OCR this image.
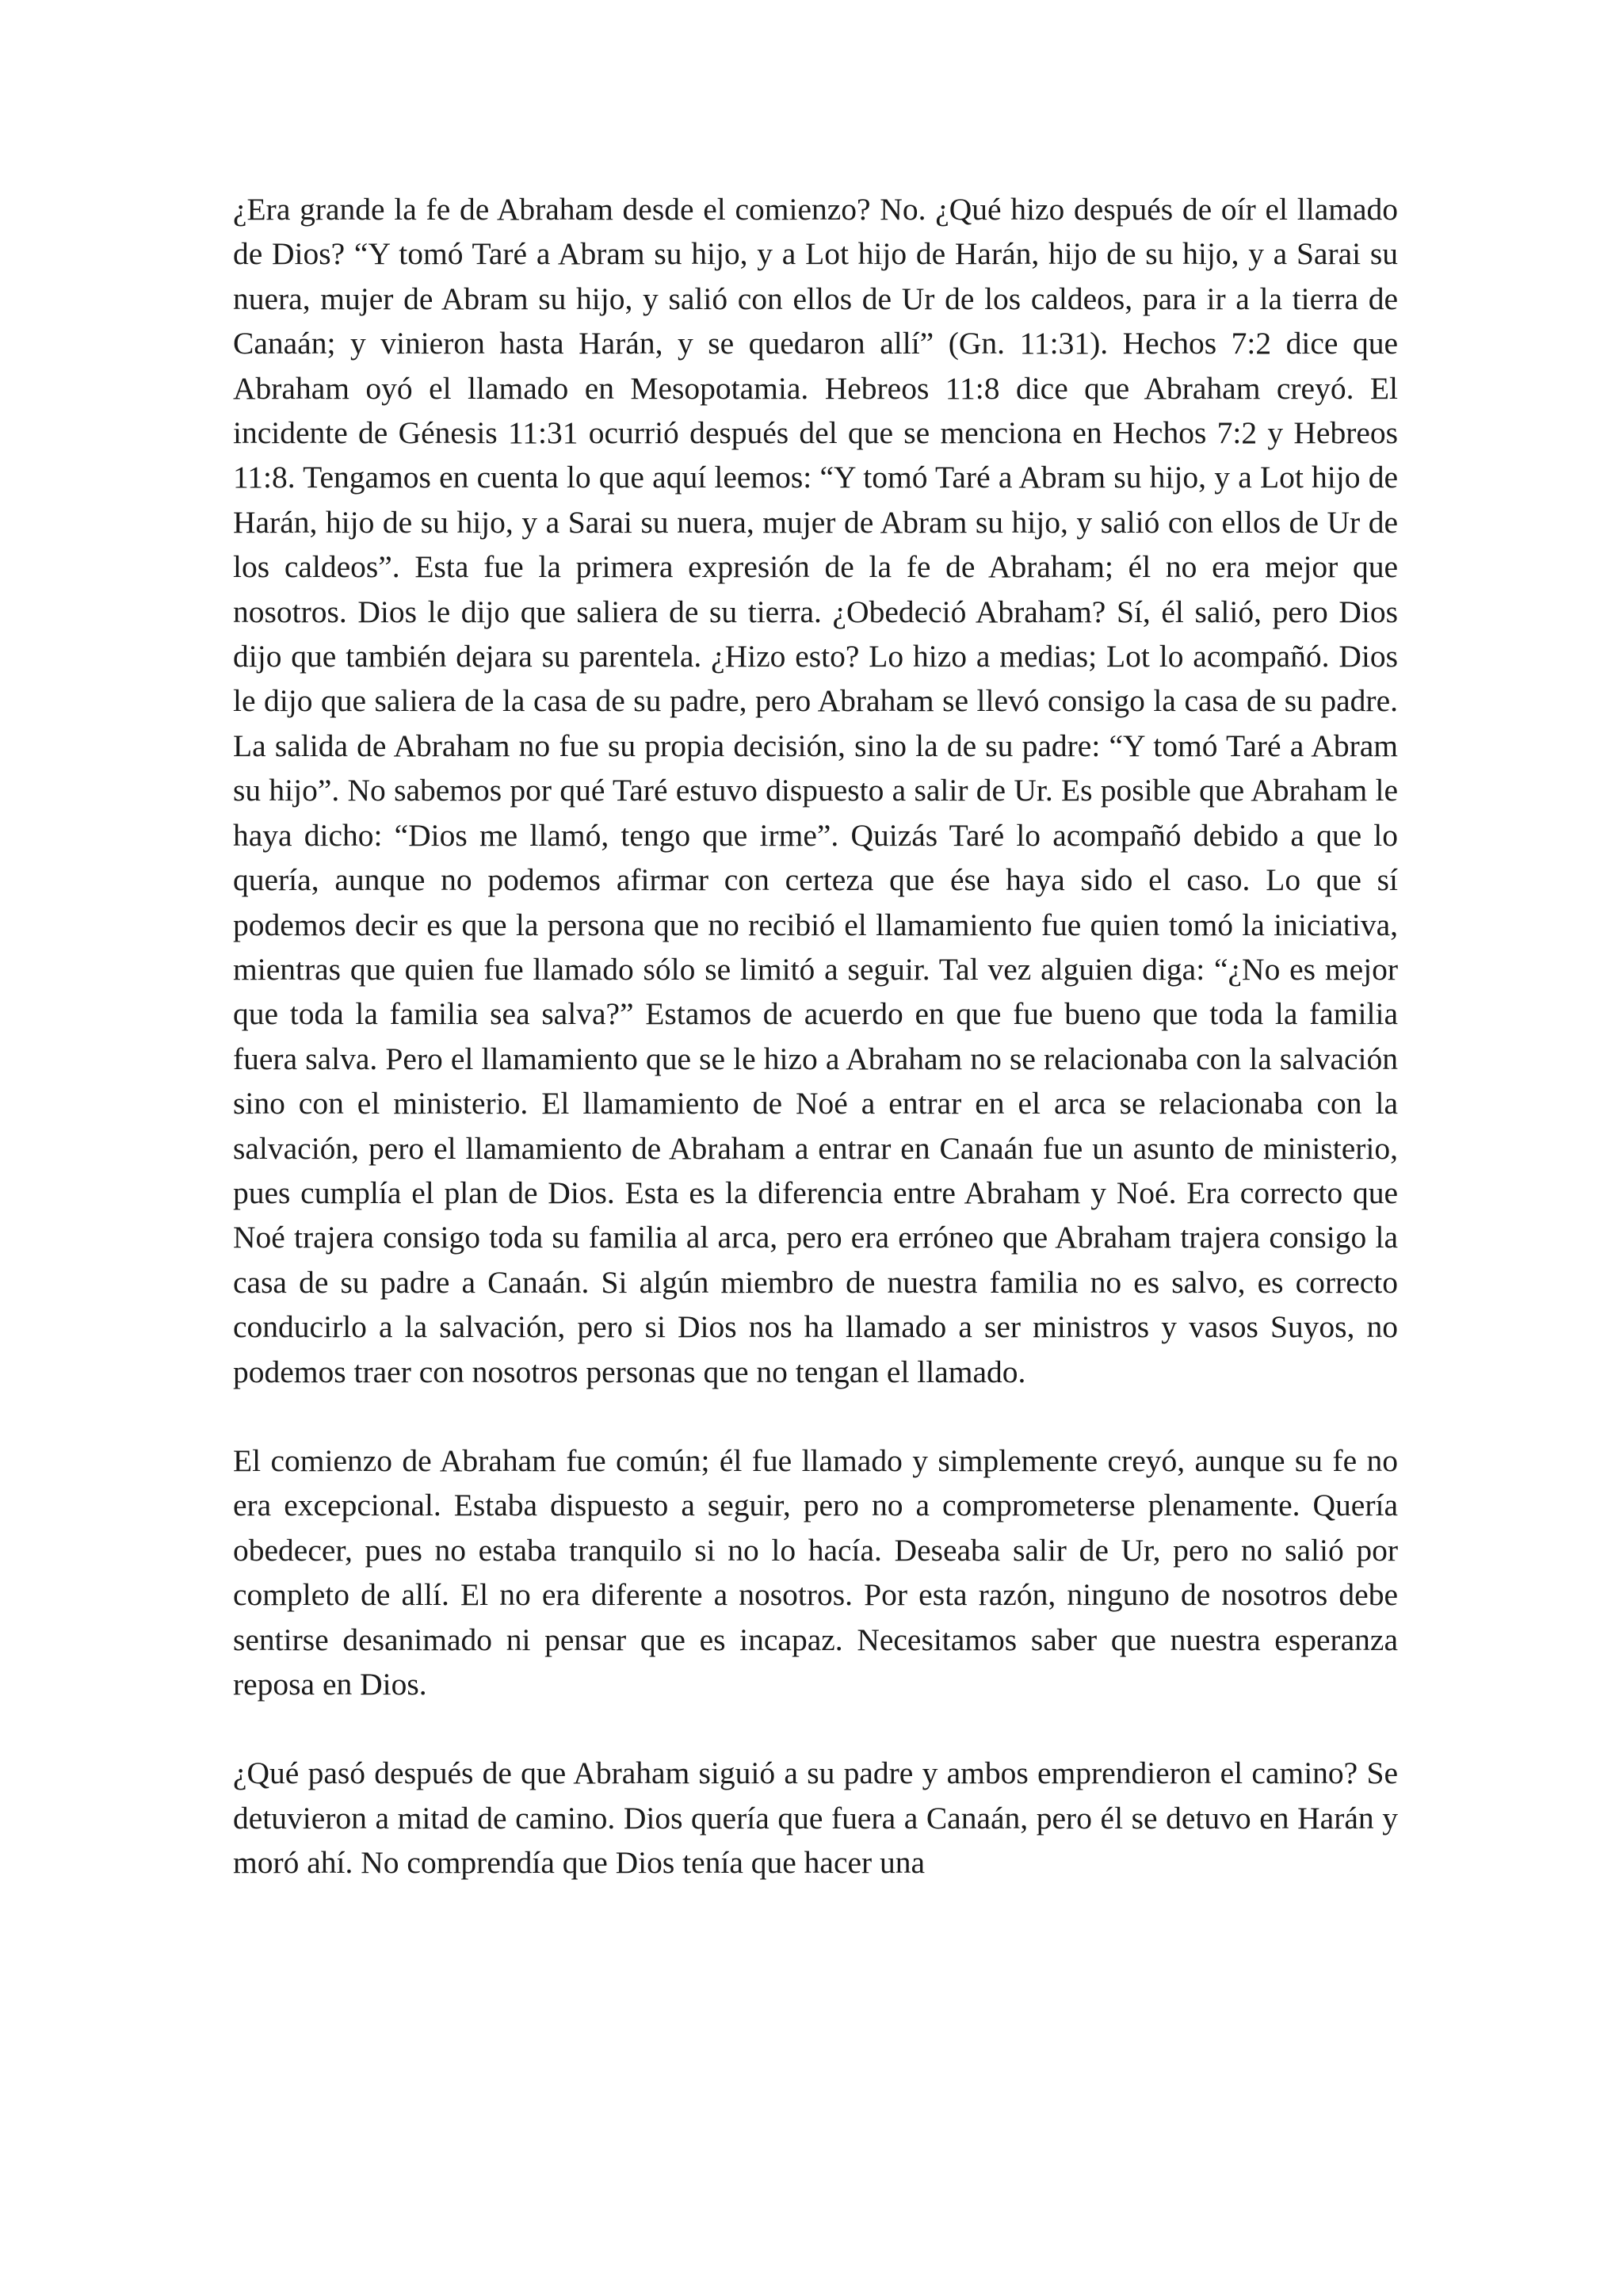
¿Era grande la fe de Abraham desde el comienzo? No. ¿Qué hizo después de oír el llamado de Dios? “Y tomó Taré a Abram su hijo, y a Lot hijo de Harán, hijo de su hijo, y a Sarai su nuera, mujer de Abram su hijo, y salió con ellos de Ur de los caldeos, para ir a la tierra de Canaán; y vinieron hasta Harán, y se quedaron allí” (Gn. 11:31). Hechos 7:2 dice que Abraham oyó el llamado en Mesopotamia. Hebreos 11:8 dice que Abraham creyó. El incidente de Génesis 11:31 ocurrió después del que se menciona en Hechos 7:2 y Hebreos 11:8. Tengamos en cuenta lo que aquí leemos: “Y tomó Taré a Abram su hijo, y a Lot hijo de Harán, hijo de su hijo, y a Sarai su nuera, mujer de Abram su hijo, y salió con ellos de Ur de los caldeos”. Esta fue la primera expresión de la fe de Abraham; él no era mejor que nosotros. Dios le dijo que saliera de su tierra. ¿Obedeció Abraham? Sí, él salió, pero Dios dijo que también dejara su parentela. ¿Hizo esto? Lo hizo a medias; Lot lo acompañó. Dios le dijo que saliera de la casa de su padre, pero Abraham se llevó consigo la casa de su padre. La salida de Abraham no fue su propia decisión, sino la de su padre: “Y tomó Taré a Abram su hijo”. No sabemos por qué Taré estuvo dispuesto a salir de Ur. Es posible que Abraham le haya dicho: “Dios me llamó, tengo que irme”. Quizás Taré lo acompañó debido a que lo quería, aunque no podemos afirmar con certeza que ése haya sido el caso. Lo que sí podemos decir es que la persona que no recibió el llamamiento fue quien tomó la iniciativa, mientras que quien fue llamado sólo se limitó a seguir. Tal vez alguien diga: “¿No es mejor que toda la familia sea salva?” Estamos de acuerdo en que fue bueno que toda la familia fuera salva. Pero el llamamiento que se le hizo a Abraham no se relacionaba con la salvación sino con el ministerio. El llamamiento de Noé a entrar en el arca se relacionaba con la salvación, pero el llamamiento de Abraham a entrar en Canaán fue un asunto de ministerio, pues cumplía el plan de Dios. Esta es la diferencia entre Abraham y Noé. Era correcto que Noé trajera consigo toda su familia al arca, pero era erróneo que Abraham trajera consigo la casa de su padre a Canaán. Si algún miembro de nuestra familia no es salvo, es correcto conducirlo a la salvación, pero si Dios nos ha llamado a ser ministros y vasos Suyos, no podemos traer con nosotros personas que no tengan el llamado.

El comienzo de Abraham fue común; él fue llamado y simplemente creyó, aunque su fe no era excepcional. Estaba dispuesto a seguir, pero no a comprometerse plenamente. Quería obedecer, pues no estaba tranquilo si no lo hacía. Deseaba salir de Ur, pero no salió por completo de allí. El no era diferente a nosotros. Por esta razón, ninguno de nosotros debe sentirse desanimado ni pensar que es incapaz. Necesitamos saber que nuestra esperanza reposa en Dios.

¿Qué pasó después de que Abraham siguió a su padre y ambos emprendieron el camino? Se detuvieron a mitad de camino. Dios quería que fuera a Canaán, pero él se detuvo en Harán y moró ahí. No comprendía que Dios tenía que hacer una
